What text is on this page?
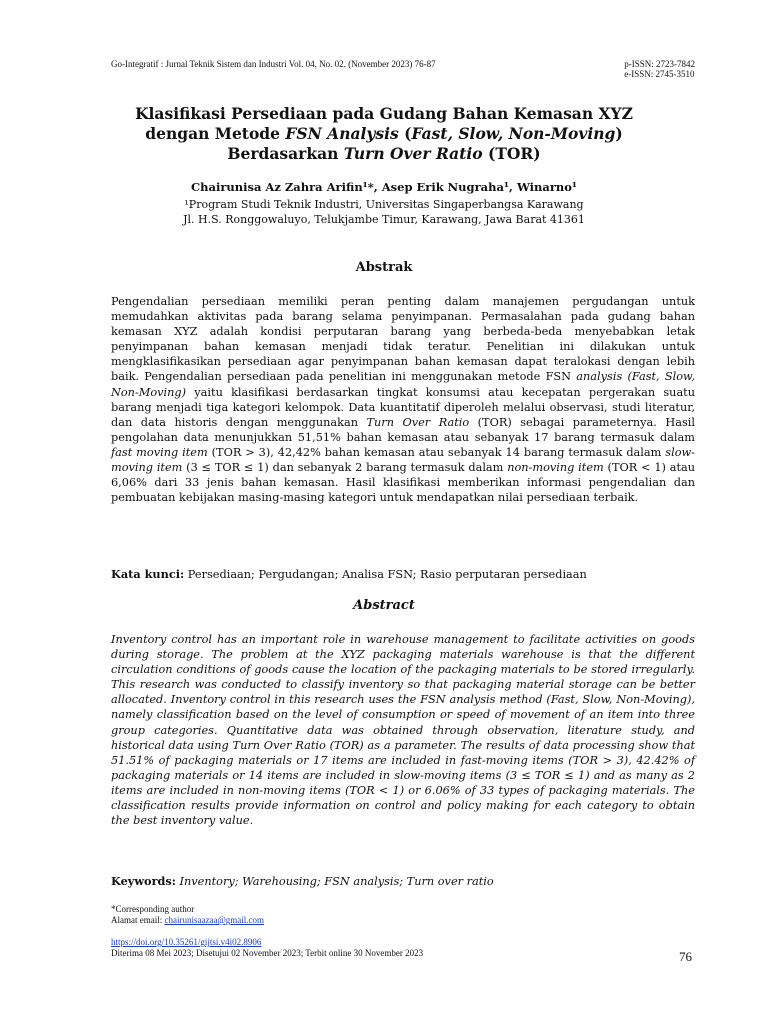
Go-Integratif : Jurnal Teknik Sistem dan Industri Vol. 04, No. 02. (November 2023) 76-87	p-ISSN: 2723-7842
e-ISSN: 2745-3510
Klasifikasi Persediaan pada Gudang Bahan Kemasan XYZ
dengan Metode FSN Analysis (Fast, Slow, Non-Moving)
Berdasarkan Turn Over Ratio (TOR)
Chairunisa Az Zahra Arifin¹*, Asep Erik Nugraha¹, Winarno¹
¹Program Studi Teknik Industri, Universitas Singaperbangsa Karawang
Jl. H.S. Ronggowaluyo, Telukjambe Timur, Karawang, Jawa Barat 41361
Abstrak
Pengendalian persediaan memiliki peran penting dalam manajemen pergudangan untuk memudahkan aktivitas pada barang selama penyimpanan. Permasalahan pada gudang bahan kemasan XYZ adalah kondisi perputaran barang yang berbeda-beda menyebabkan letak penyimpanan bahan kemasan menjadi tidak teratur. Penelitian ini dilakukan untuk mengklasifikasikan persediaan agar penyimpanan bahan kemasan dapat teralokasi dengan lebih baik. Pengendalian persediaan pada penelitian ini menggunakan metode FSN analysis (Fast, Slow, Non-Moving) yaitu klasifikasi berdasarkan tingkat konsumsi atau kecepatan pergerakan suatu barang menjadi tiga kategori kelompok. Data kuantitatif diperoleh melalui observasi, studi literatur, dan data historis dengan menggunakan Turn Over Ratio (TOR) sebagai parameternya. Hasil pengolahan data menunjukkan 51,51% bahan kemasan atau sebanyak 17 barang termasuk dalam fast moving item (TOR > 3), 42,42% bahan kemasan atau sebanyak 14 barang termasuk dalam slow-moving item (3 ≤ TOR ≤ 1) dan sebanyak 2 barang termasuk dalam non-moving item (TOR < 1) atau 6,06% dari 33 jenis bahan kemasan. Hasil klasifikasi memberikan informasi pengendalian dan pembuatan kebijakan masing-masing kategori untuk mendapatkan nilai persediaan terbaik.
Kata kunci: Persediaan; Pergudangan; Analisa FSN; Rasio perputaran persediaan
Abstract
Inventory control has an important role in warehouse management to facilitate activities on goods during storage. The problem at the XYZ packaging materials warehouse is that the different circulation conditions of goods cause the location of the packaging materials to be stored irregularly. This research was conducted to classify inventory so that packaging material storage can be better allocated. Inventory control in this research uses the FSN analysis method (Fast, Slow, Non-Moving), namely classification based on the level of consumption or speed of movement of an item into three group categories. Quantitative data was obtained through observation, literature study, and historical data using Turn Over Ratio (TOR) as a parameter. The results of data processing show that 51.51% of packaging materials or 17 items are included in fast-moving items (TOR > 3), 42.42% of packaging materials or 14 items are included in slow-moving items (3 ≤ TOR ≤ 1) and as many as 2 items are included in non-moving items (TOR < 1) or 6.06% of 33 types of packaging materials. The classification results provide information on control and policy making for each category to obtain the best inventory value.
Keywords: Inventory; Warehousing; FSN analysis; Turn over ratio
*Corresponding author
Alamat email: chairunisaazaa@gmail.com
https://doi.org/10.35261/gijtsi.v4i02.8906
Diterima 08 Mei 2023; Disetujui 02 November 2023; Terbit online 30 November 2023	76
